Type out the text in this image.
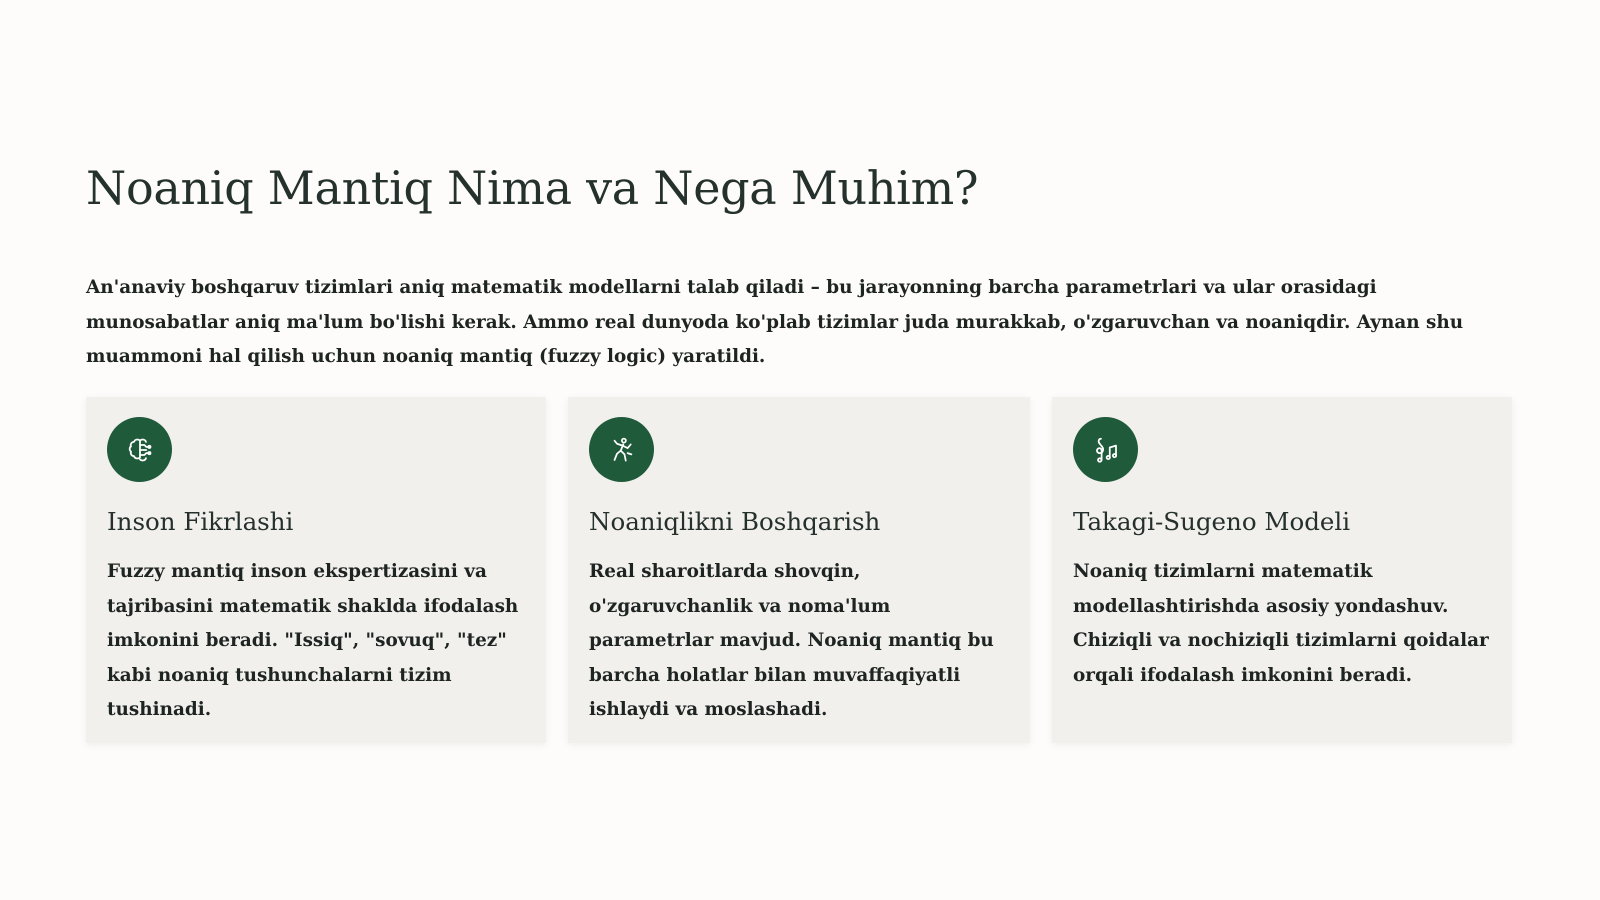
Noaniq Mantiq Nima va Nega Muhim?

An'anaviy boshqaruv tizimlari aniq matematik modellarni talab qiladi – bu jarayonning barcha parametrlari va ular orasidagi munosabatlar aniq ma'lum bo'lishi kerak. Ammo real dunyoda ko'plab tizimlar juda murakkab, o'zgaruvchan va noaniqdir. Aynan shu muammoni hal qilish uchun noaniq mantiq (fuzzy logic) yaratildi.

Inson Fikrlashi

Fuzzy mantiq inson ekspertizasini va tajribasini matematik shaklda ifodalash imkonini beradi. "Issiq", "sovuq", "tez" kabi noaniq tushunchalarni tizim tushinadi.

Noaniqlikni Boshqarish

Real sharoitlarda shovqin, o'zgaruvchanlik va noma'lum parametrlar mavjud. Noaniq mantiq bu barcha holatlar bilan muvaffaqiyatli ishlaydi va moslashadi.

Takagi-Sugeno Modeli

Noaniq tizimlarni matematik modellashtirishda asosiy yondashuv. Chiziqli va nochiziqli tizimlarni qoidalar orqali ifodalash imkonini beradi.
